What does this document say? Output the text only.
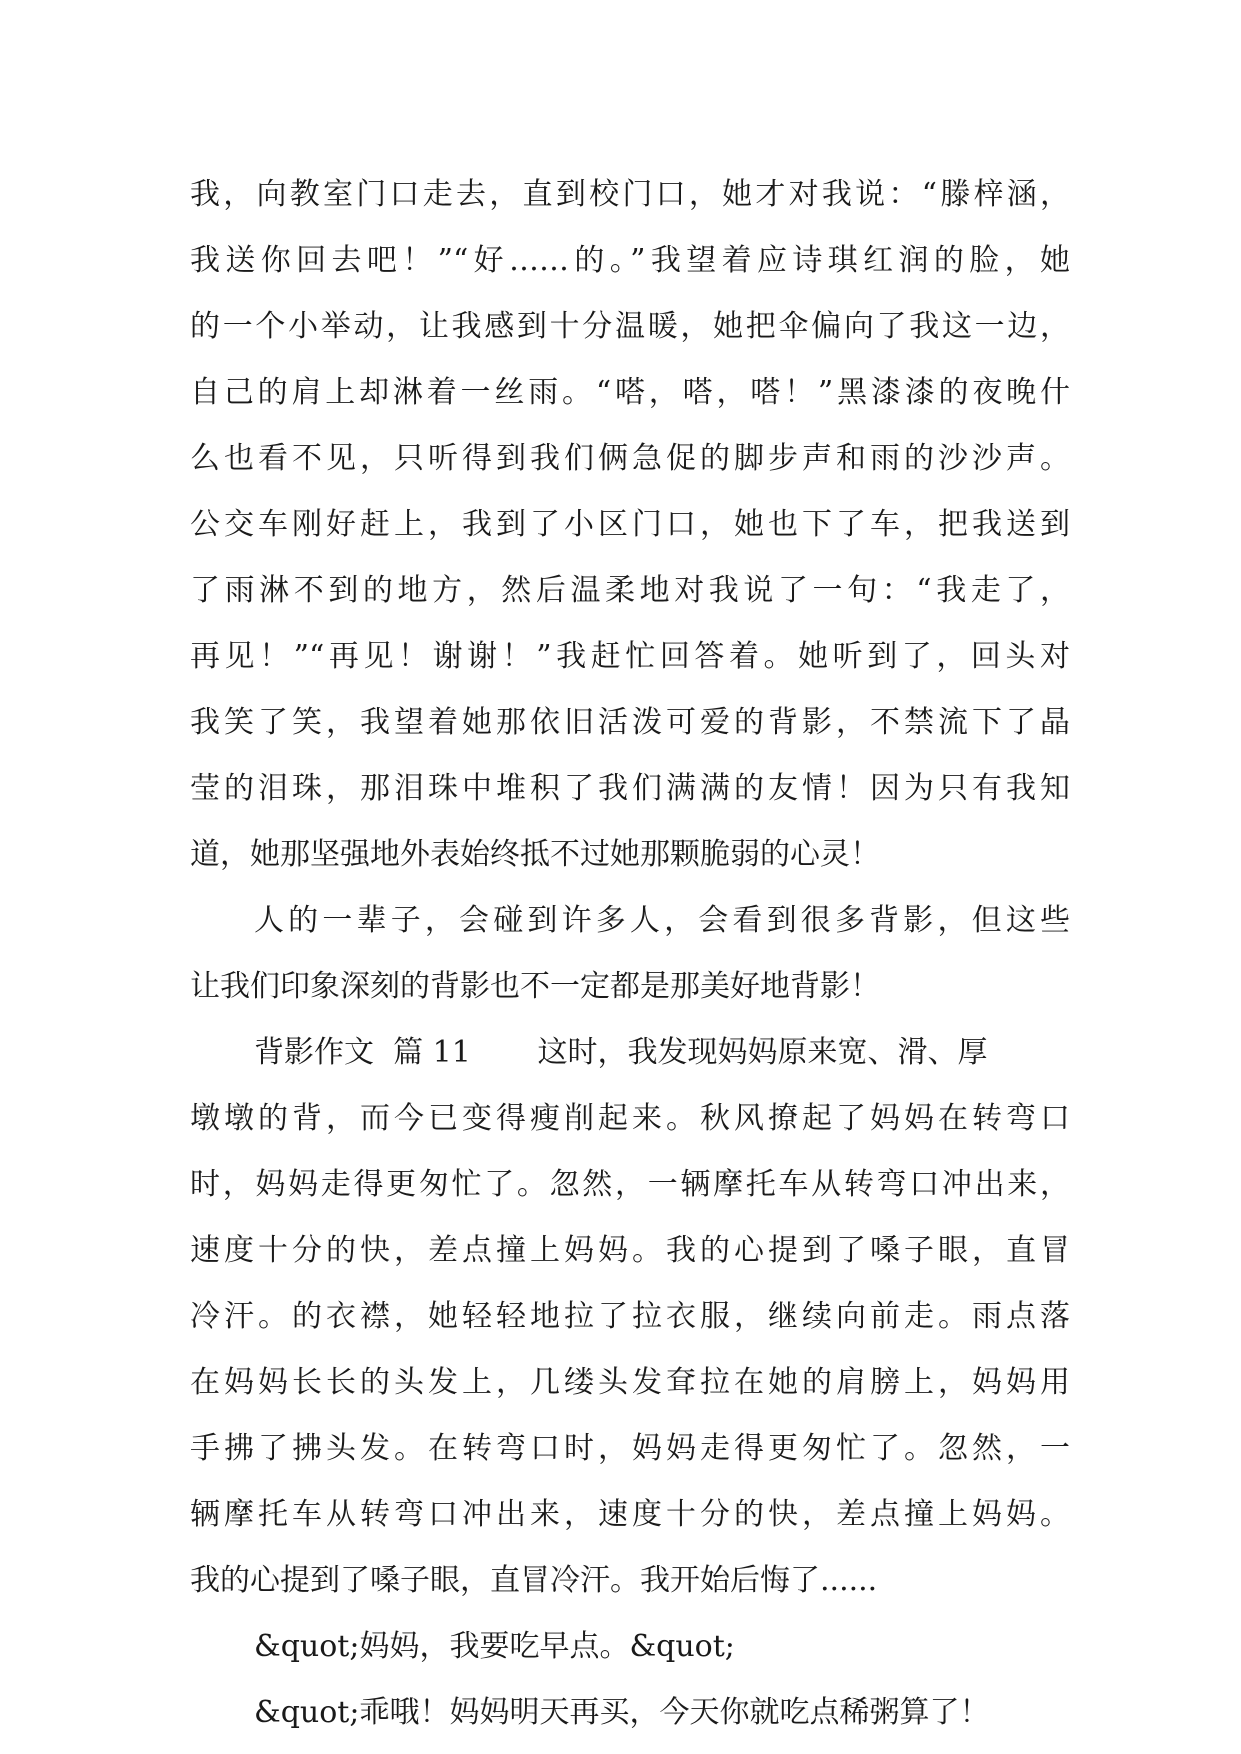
我，向教室门口走去，直到校门口，她才对我说：“滕梓涵，
我送你回去吧！”“好……的。”我望着应诗琪红润的脸，她
的一个小举动，让我感到十分温暖，她把伞偏向了我这一边，
自己的肩上却淋着一丝雨。“嗒，嗒，嗒！”黑漆漆的夜晚什
么也看不见，只听得到我们俩急促的脚步声和雨的沙沙声。
公交车刚好赶上，我到了小区门口，她也下了车，把我送到
了雨淋不到的地方，然后温柔地对我说了一句：“我走了，
再见！”“再见！谢谢！”我赶忙回答着。她听到了，回头对
我笑了笑，我望着她那依旧活泼可爱的背影，不禁流下了晶
莹的泪珠，那泪珠中堆积了我们满满的友情！因为只有我知
道，她那坚强地外表始终抵不过她那颗脆弱的心灵！
人的一辈子，会碰到许多人，会看到很多背影，但这些
让我们印象深刻的背影也不一定都是那美好地背影！
背影作文  篇 11       这时，我发现妈妈原来宽、滑、厚
墩墩的背，而今已变得瘦削起来。秋风撩起了妈妈在转弯口
时，妈妈走得更匆忙了。忽然，一辆摩托车从转弯口冲出来，
速度十分的快，差点撞上妈妈。我的心提到了嗓子眼，直冒
冷汗。的衣襟，她轻轻地拉了拉衣服，继续向前走。雨点落
在妈妈长长的头发上，几缕头发耷拉在她的肩膀上，妈妈用
手拂了拂头发。在转弯口时，妈妈走得更匆忙了。忽然，一
辆摩托车从转弯口冲出来，速度十分的快，差点撞上妈妈。
我的心提到了嗓子眼，直冒冷汗。我开始后悔了......
&quot;妈妈，我要吃早点。&quot;
&quot;乖哦！妈妈明天再买，今天你就吃点稀粥算了！
